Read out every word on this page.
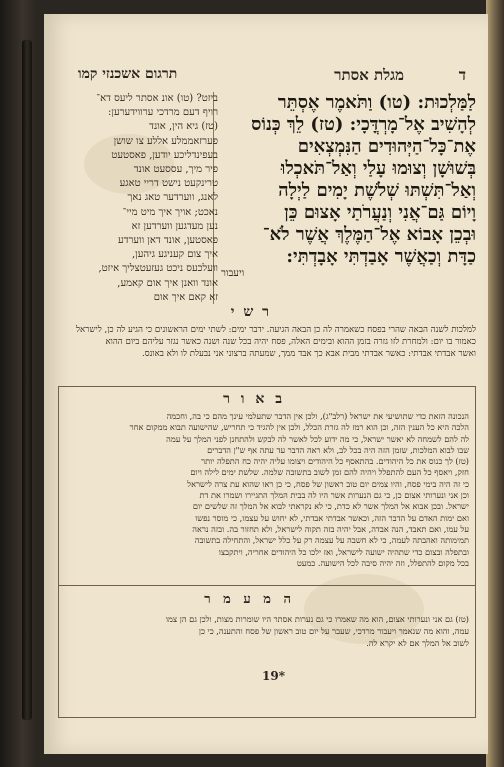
ד
מגלת אסתר
תרגום אשכנזי קמו

לַמַּלְכוּת: (טו) וַתֹּאמֶר אֶסְתֵּר

לְהָשִׁיב אֶל־מָרְדֳּכָי: (טז) לֵךְ כְּנוֹס

אֶת־כָּל־הַיְּהוּדִים הַנִּמְצְאִים

בְּשׁוּשָׁן וְצוּמוּ עָלַי וְאַל־תֹּאכְלוּ

וְאַל־תִּשְׁתּוּ שְׁלֹשֶׁת יָמִים לַיְלָה

וָיוֹם גַּם־אֲנִי וְנַעֲרֹתַי אָצוּם כֵּן

וּבְכֵן אָבוֹא אֶל־הַמֶּלֶךְ אֲשֶׁר לֹא־

כַדָּת וְכַאֲשֶׁר אָבַדְתִּי אָבָדְתִּי:

ויעבור

ביזט? (טו) אונ אסתר ליעס דא־

רויף דעם מרדכי ערווידערען:

(טז) גיא הין, אונד

פערזאממלע אללע צו שושן

בעפינדליכע יודען, פאסטעט

פיר מיך, עססעט אונד

טרינקעט נישט דריי טאגע

לאנג, ווערדער טאג נאך

נאכט; אויך איך מיט מיי־

נען מעדגען ווערדען זא

פאסטען, אונד דאן ווערדע

איך צום קעניגע גיהען,

וועלכעס ניכט געזעטצליך איזט,

אונד וואנן איך אום קאמע,

זא קאם איך אום

ר ש י

למלכות לשנה הבאה שהרי בפסח כשאמרה לה כן הבאה הגיעה. ידבר ימים: לשתי ימים הראשונים כי הגיע לה כן, לישראל

כאמור בו יום: ולמחרת לזו גזרה בזמן ההוא ובימים האלה, פסח יהיה בכל שנה ושנה כאשר נגזר עליהם ביום ההוא

ואשר אבדתי אבדתי: כאשר אבדתי מבית אבא כך אבד ממך, שמעתה ברצוני אני נבעלת לו ולא באונס.

ב א ו ר

הנכונה הזאת כדי שתושיעי את ישראל (רלב"ג), ולכן אין הדבר שתעלמי עינך מהם כי בה, וחכמה

הלכה היא כל הענין הזה, וכן הוא רמז לה גזרת הכלל, ולכן אין להגיד כי תחריש, שהישועה תבוא ממקום אחר

לה להם לשמחה לא יאשר ישראל, כי מה ידוע לכל לאשר לה לבקש ולהתחנן לפני המלך על עמה

שבו לבוא המלכות, שזמן הזה היה בכל לב, ולא ראה הדבר עד עתה אף ש"ן הדברים

(טז) לך כנוס את כל היהודים. בהתאסף כל היהודים ויצומו עליה יהיה כח התפלה יותר

חזק, ויאסף כל העם להתפלל ויהיה להם זמן לשוב בתשובה שלמה. שלשת ימים לילה ויום

כי זה היה בימי פסח, והיו צמים יום טוב ראשון של פסח, כי כן ראו שהוא עת צרה לישראל

וכן אני ונערותי אצום כן, כי גם הנערות אשר היו לה בבית המלך התגיירו ושמרו את דת

ישראל. ובכן אבוא אל המלך אשר לא כדת, כי לא נקראתי לבוא אל המלך זה שלשים יום

ואם ימות האדם על הדבר הזה, וכאשר אבדתי אבדתי, לא יחוש על עצמו, כי מוסר נפשו

על עמו, ואם תאבד, הנה אבדה, אבל יהיה בזה תקוה לישראל, ולא תחזור בה. ובזה נראה

תמימותה ואהבתה לעמה, כי לא חשבה על עצמה רק על כלל ישראל, והתחילה בתשובה

ובתפלה ובצום כדי שתהיה ישועה לישראל, ואז ילכו כל היהודים אחריה, ויתקבצו

בכל מקום להתפלל, וזה יהיה סיבה לכל הישועה. כמעט

ה מ ע מ ר

(טז) גם אני ונערותי אצום, הוא מה שאמרו כי גם נערות אסתר היו שומרות מצות, ולכן גם הן צמו

עמה, והוא מה שנאמר ויעבור מרדכי, שעבר על יום טוב ראשון של פסח והתענה, כי כן

לשוב אל המלך אם לא יקרא לה.

19*
